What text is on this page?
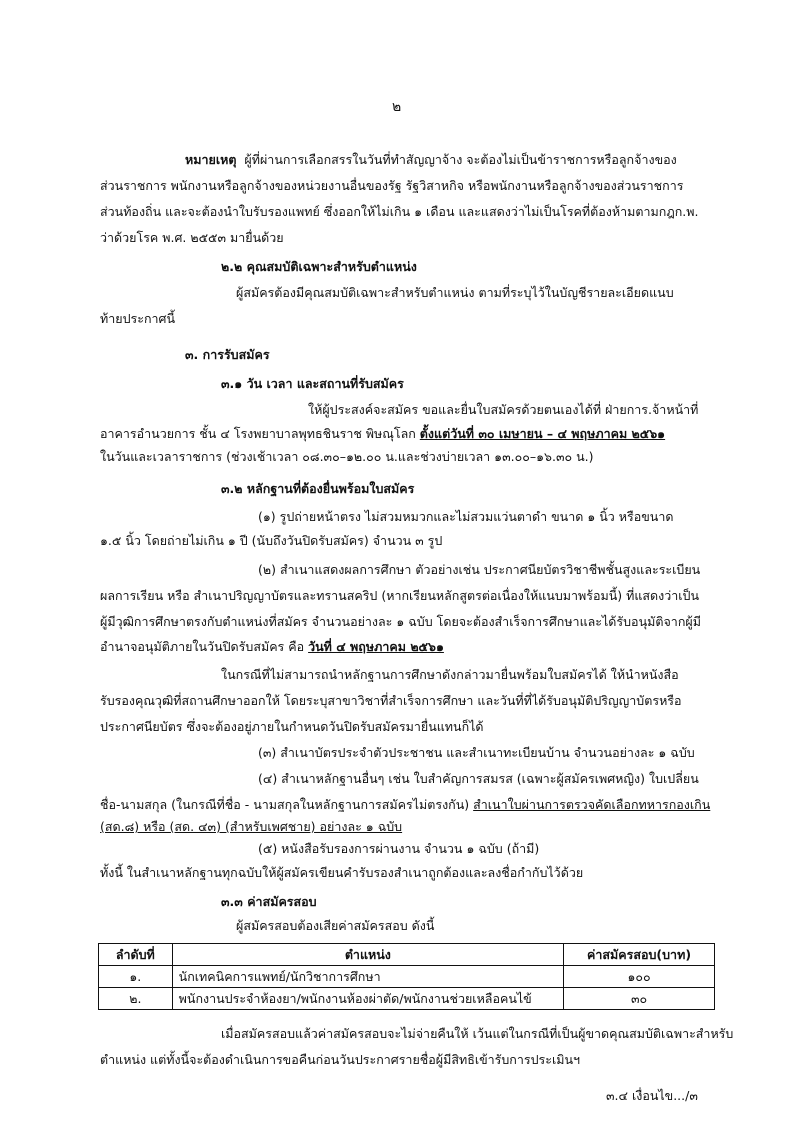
๒
หมายเหตุ ผู้ที่ผ่านการเลือกสรรในวันที่ทำสัญญาจ้าง จะต้องไม่เป็นข้าราชการหรือลูกจ้างของ
ส่วนราชการ พนักงานหรือลูกจ้างของหน่วยงานอื่นของรัฐ รัฐวิสาหกิจ หรือพนักงานหรือลูกจ้างของส่วนราชการ
ส่วนท้องถิ่น และจะต้องนำใบรับรองแพทย์ ซึ่งออกให้ไม่เกิน ๑ เดือน และแสดงว่าไม่เป็นโรคที่ต้องห้ามตามกฎก.พ.
ว่าด้วยโรค พ.ศ. ๒๕๕๓ มายื่นด้วย
๒.๒ คุณสมบัติเฉพาะสำหรับตำแหน่ง
ผู้สมัครต้องมีคุณสมบัติเฉพาะสำหรับตำแหน่ง ตามที่ระบุไว้ในบัญชีรายละเอียดแนบ
ท้ายประกาศนี้
๓. การรับสมัคร
๓.๑ วัน เวลา และสถานที่รับสมัคร
ให้ผู้ประสงค์จะสมัคร ขอและยื่นใบสมัครด้วยตนเองได้ที่ ฝ่ายการ.จ้าหน้าที่
อาคารอำนวยการ ชั้น ๔ โรงพยาบาลพุทธชินราช พิษณุโลก ตั้งแต่วันที่ ๓๐ เมษายน – ๔ พฤษภาคม ๒๕๖๑
ในวันและเวลาราชการ (ช่วงเช้าเวลา ๐๘.๓๐–๑๒.๐๐ น.และช่วงบ่ายเวลา ๑๓.๐๐–๑๖.๓๐ น.)
๓.๒ หลักฐานที่ต้องยื่นพร้อมใบสมัคร
(๑) รูปถ่ายหน้าตรง ไม่สวมหมวกและไม่สวมแว่นตาดำ ขนาด ๑ นิ้ว หรือขนาด
๑.๕ นิ้ว โดยถ่ายไม่เกิน ๑ ปี (นับถึงวันปิดรับสมัคร) จำนวน ๓ รูป
(๒) สำเนาแสดงผลการศึกษา ตัวอย่างเช่น ประกาศนียบัตรวิชาชีพชั้นสูงและระเบียน
ผลการเรียน หรือ สำเนาปริญญาบัตรและทรานสคริป (หากเรียนหลักสูตรต่อเนื่องให้แนบมาพร้อมนี้) ที่แสดงว่าเป็น
ผู้มีวุฒิการศึกษาตรงกับตำแหน่งที่สมัคร จำนวนอย่างละ ๑ ฉบับ โดยจะต้องสำเร็จการศึกษาและได้รับอนุมัติจากผู้มี
อำนาจอนุมัติภายในวันปิดรับสมัคร คือ วันที่ ๔ พฤษภาคม ๒๕๖๑
ในกรณีที่ไม่สามารถนำหลักฐานการศึกษาดังกล่าวมายื่นพร้อมใบสมัครได้ ให้นำหนังสือ
รับรองคุณวุฒิที่สถานศึกษาออกให้ โดยระบุสาขาวิชาที่สำเร็จการศึกษา และวันที่ที่ได้รับอนุมัติปริญญาบัตรหรือ
ประกาศนียบัตร ซึ่งจะต้องอยู่ภายในกำหนดวันปิดรับสมัครมายื่นแทนก็ได้
(๓) สำเนาบัตรประจำตัวประชาชน และสำเนาทะเบียนบ้าน จำนวนอย่างละ ๑ ฉบับ
(๔) สำเนาหลักฐานอื่นๆ เช่น ใบสำคัญการสมรส (เฉพาะผู้สมัครเพศหญิง) ใบเปลี่ยน
ชื่อ-นามสกุล (ในกรณีที่ชื่อ - นามสกุลในหลักฐานการสมัครไม่ตรงกัน) สำเนาใบผ่านการตรวจคัดเลือกทหารกองเกิน
(สด.๘) หรือ (สด. ๔๓) (สำหรับเพศชาย) อย่างละ ๑ ฉบับ
(๕) หนังสือรับรองการผ่านงาน จำนวน ๑ ฉบับ (ถ้ามี)
ทั้งนี้ ในสำเนาหลักฐานทุกฉบับให้ผู้สมัครเขียนคำรับรองสำเนาถูกต้องและลงชื่อกำกับไว้ด้วย
๓.๓ ค่าสมัครสอบ
ผู้สมัครสอบต้องเสียค่าสมัครสอบ ดังนี้
ลำดับที่	ตำแหน่ง	ค่าสมัครสอบ(บาท)
๑.	นักเทคนิคการแพทย์/นักวิชาการศึกษา	๑๐๐
๒.	พนักงานประจำห้องยา/พนักงานห้องผ่าตัด/พนักงานช่วยเหลือคนไข้	๓๐
เมื่อสมัครสอบแล้วค่าสมัครสอบจะไม่จ่ายคืนให้ เว้นแต่ในกรณีที่เป็นผู้ขาดคุณสมบัติเฉพาะสำหรับ
ตำแหน่ง แต่ทั้งนี้จะต้องดำเนินการขอคืนก่อนวันประกาศรายชื่อผู้มีสิทธิเข้ารับการประเมินฯ
๓.๔ เงื่อนไข.../๓
